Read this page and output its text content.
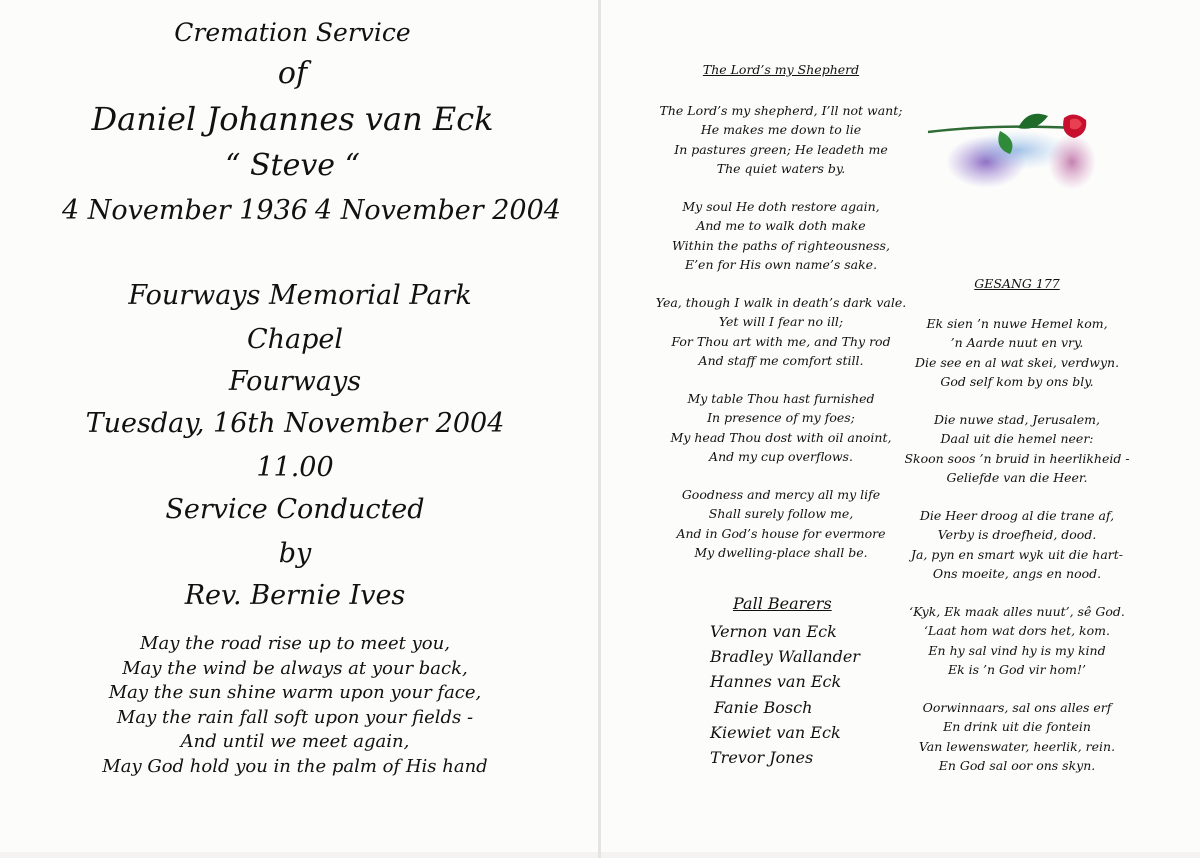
Cremation Service
of
Daniel Johannes van Eck
“ Steve “
4 November 1936 4 November 2004
Fourways Memorial Park
Chapel
Fourways
Tuesday, 16th November 2004
11.00
Service Conducted
by
Rev. Bernie Ives
May the road rise up to meet you,
May the wind be always at your back,
May the sun shine warm upon your face,
May the rain fall soft upon your fields -
And until we meet again,
May God hold you in the palm of His hand
The Lord’s my Shepherd
The Lord’s my shepherd, I’ll not want;
He makes me down to lie
In pastures green; He leadeth me
The quiet waters by.
My soul He doth restore again,
And me to walk doth make
Within the paths of righteousness,
E’en for His own name’s sake.
Yea, though I walk in death’s dark vale.
Yet will I fear no ill;
For Thou art with me, and Thy rod
And staff me comfort still.
My table Thou hast furnished
In presence of my foes;
My head Thou dost with oil anoint,
And my cup overflows.
Goodness and mercy all my life
Shall surely follow me,
And in God’s house for evermore
My dwelling-place shall be.
Pall Bearers
Vernon van Eck
Bradley Wallander
Hannes van Eck
Fanie Bosch
Kiewiet van Eck
Trevor Jones
GESANG 177
Ek sien ’n nuwe Hemel kom,
’n Aarde nuut en vry.
Die see en al wat skei, verdwyn.
God self kom by ons bly.
Die nuwe stad, Jerusalem,
Daal uit die hemel neer:
Skoon soos ’n bruid in heerlikheid -
Geliefde van die Heer.
Die Heer droog al die trane af,
Verby is droefheid, dood.
Ja, pyn en smart wyk uit die hart-
Ons moeite, angs en nood.
‘Kyk, Ek maak alles nuut’, sê God.
‘Laat hom wat dors het, kom.
En hy sal vind hy is my kind
Ek is ’n God vir hom!’
Oorwinnaars, sal ons alles erf
En drink uit die fontein
Van lewenswater, heerlik, rein.
En God sal oor ons skyn.
